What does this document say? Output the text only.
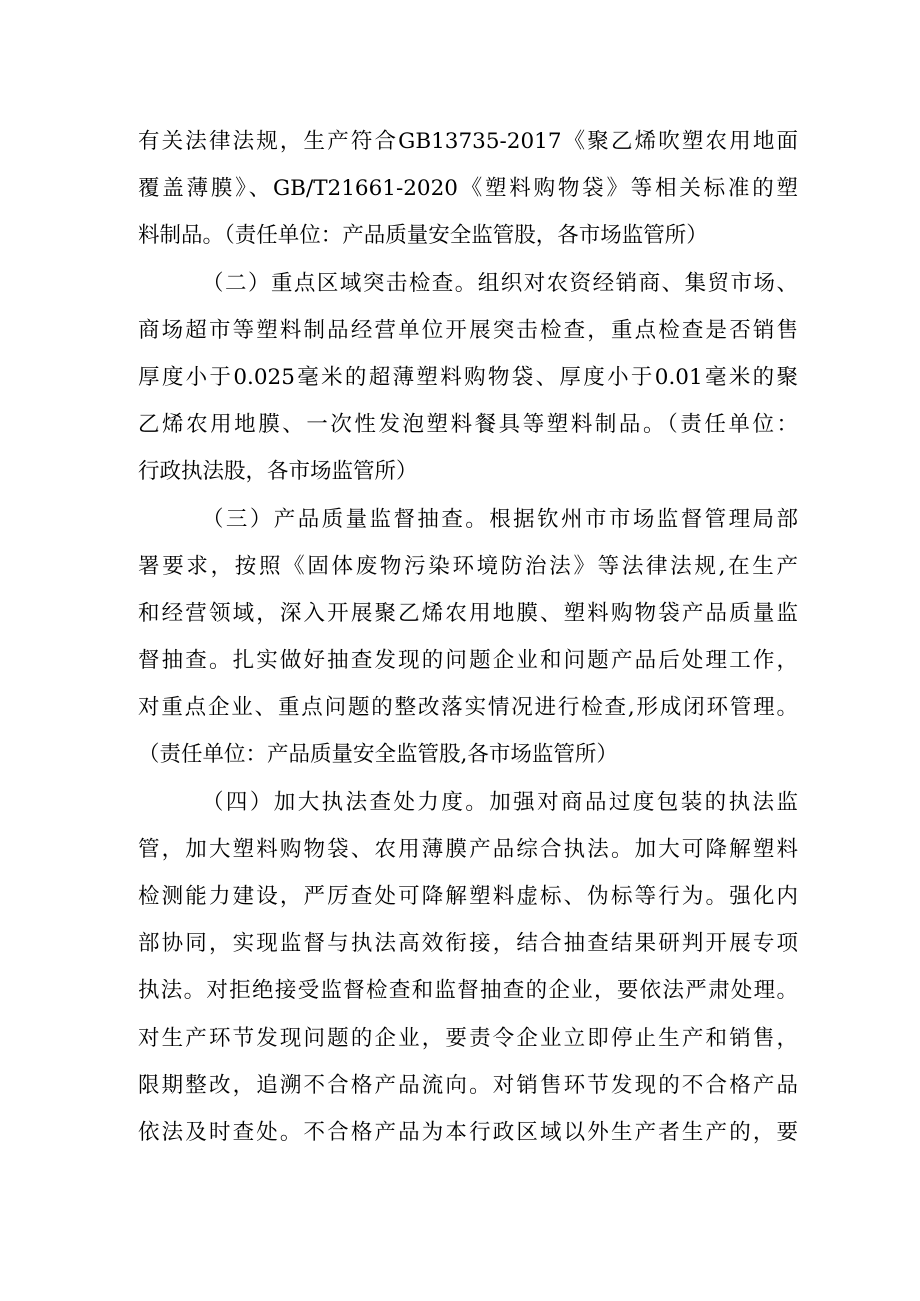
有关法律法规，生产符合GB13735-2017《聚乙烯吹塑农用地面
覆盖薄膜》、GB/T21661-2020《塑料购物袋》等相关标准的塑
料制品。（责任单位：产品质量安全监管股，各市场监管所）
（二）重点区域突击检查。组织对农资经销商、集贸市场、
商场超市等塑料制品经营单位开展突击检查，重点检查是否销售
厚度小于0.025毫米的超薄塑料购物袋、厚度小于0.01毫米的聚
乙烯农用地膜、一次性发泡塑料餐具等塑料制品。（责任单位：
行政执法股，各市场监管所）
（三）产品质量监督抽查。根据钦州市市场监督管理局部
署要求，按照《固体废物污染环境防治法》等法律法规,在生产
和经营领域，深入开展聚乙烯农用地膜、塑料购物袋产品质量监
督抽查。扎实做好抽查发现的问题企业和问题产品后处理工作，
对重点企业、重点问题的整改落实情况进行检查,形成闭环管理。
（责任单位：产品质量安全监管股,各市场监管所）
（四）加大执法查处力度。加强对商品过度包装的执法监
管，加大塑料购物袋、农用薄膜产品综合执法。加大可降解塑料
检测能力建设，严厉查处可降解塑料虚标、伪标等行为。强化内
部协同，实现监督与执法高效衔接，结合抽查结果研判开展专项
执法。对拒绝接受监督检查和监督抽查的企业，要依法严肃处理。
对生产环节发现问题的企业，要责令企业立即停止生产和销售，
限期整改，追溯不合格产品流向。对销售环节发现的不合格产品
依法及时查处。不合格产品为本行政区域以外生产者生产的，要
